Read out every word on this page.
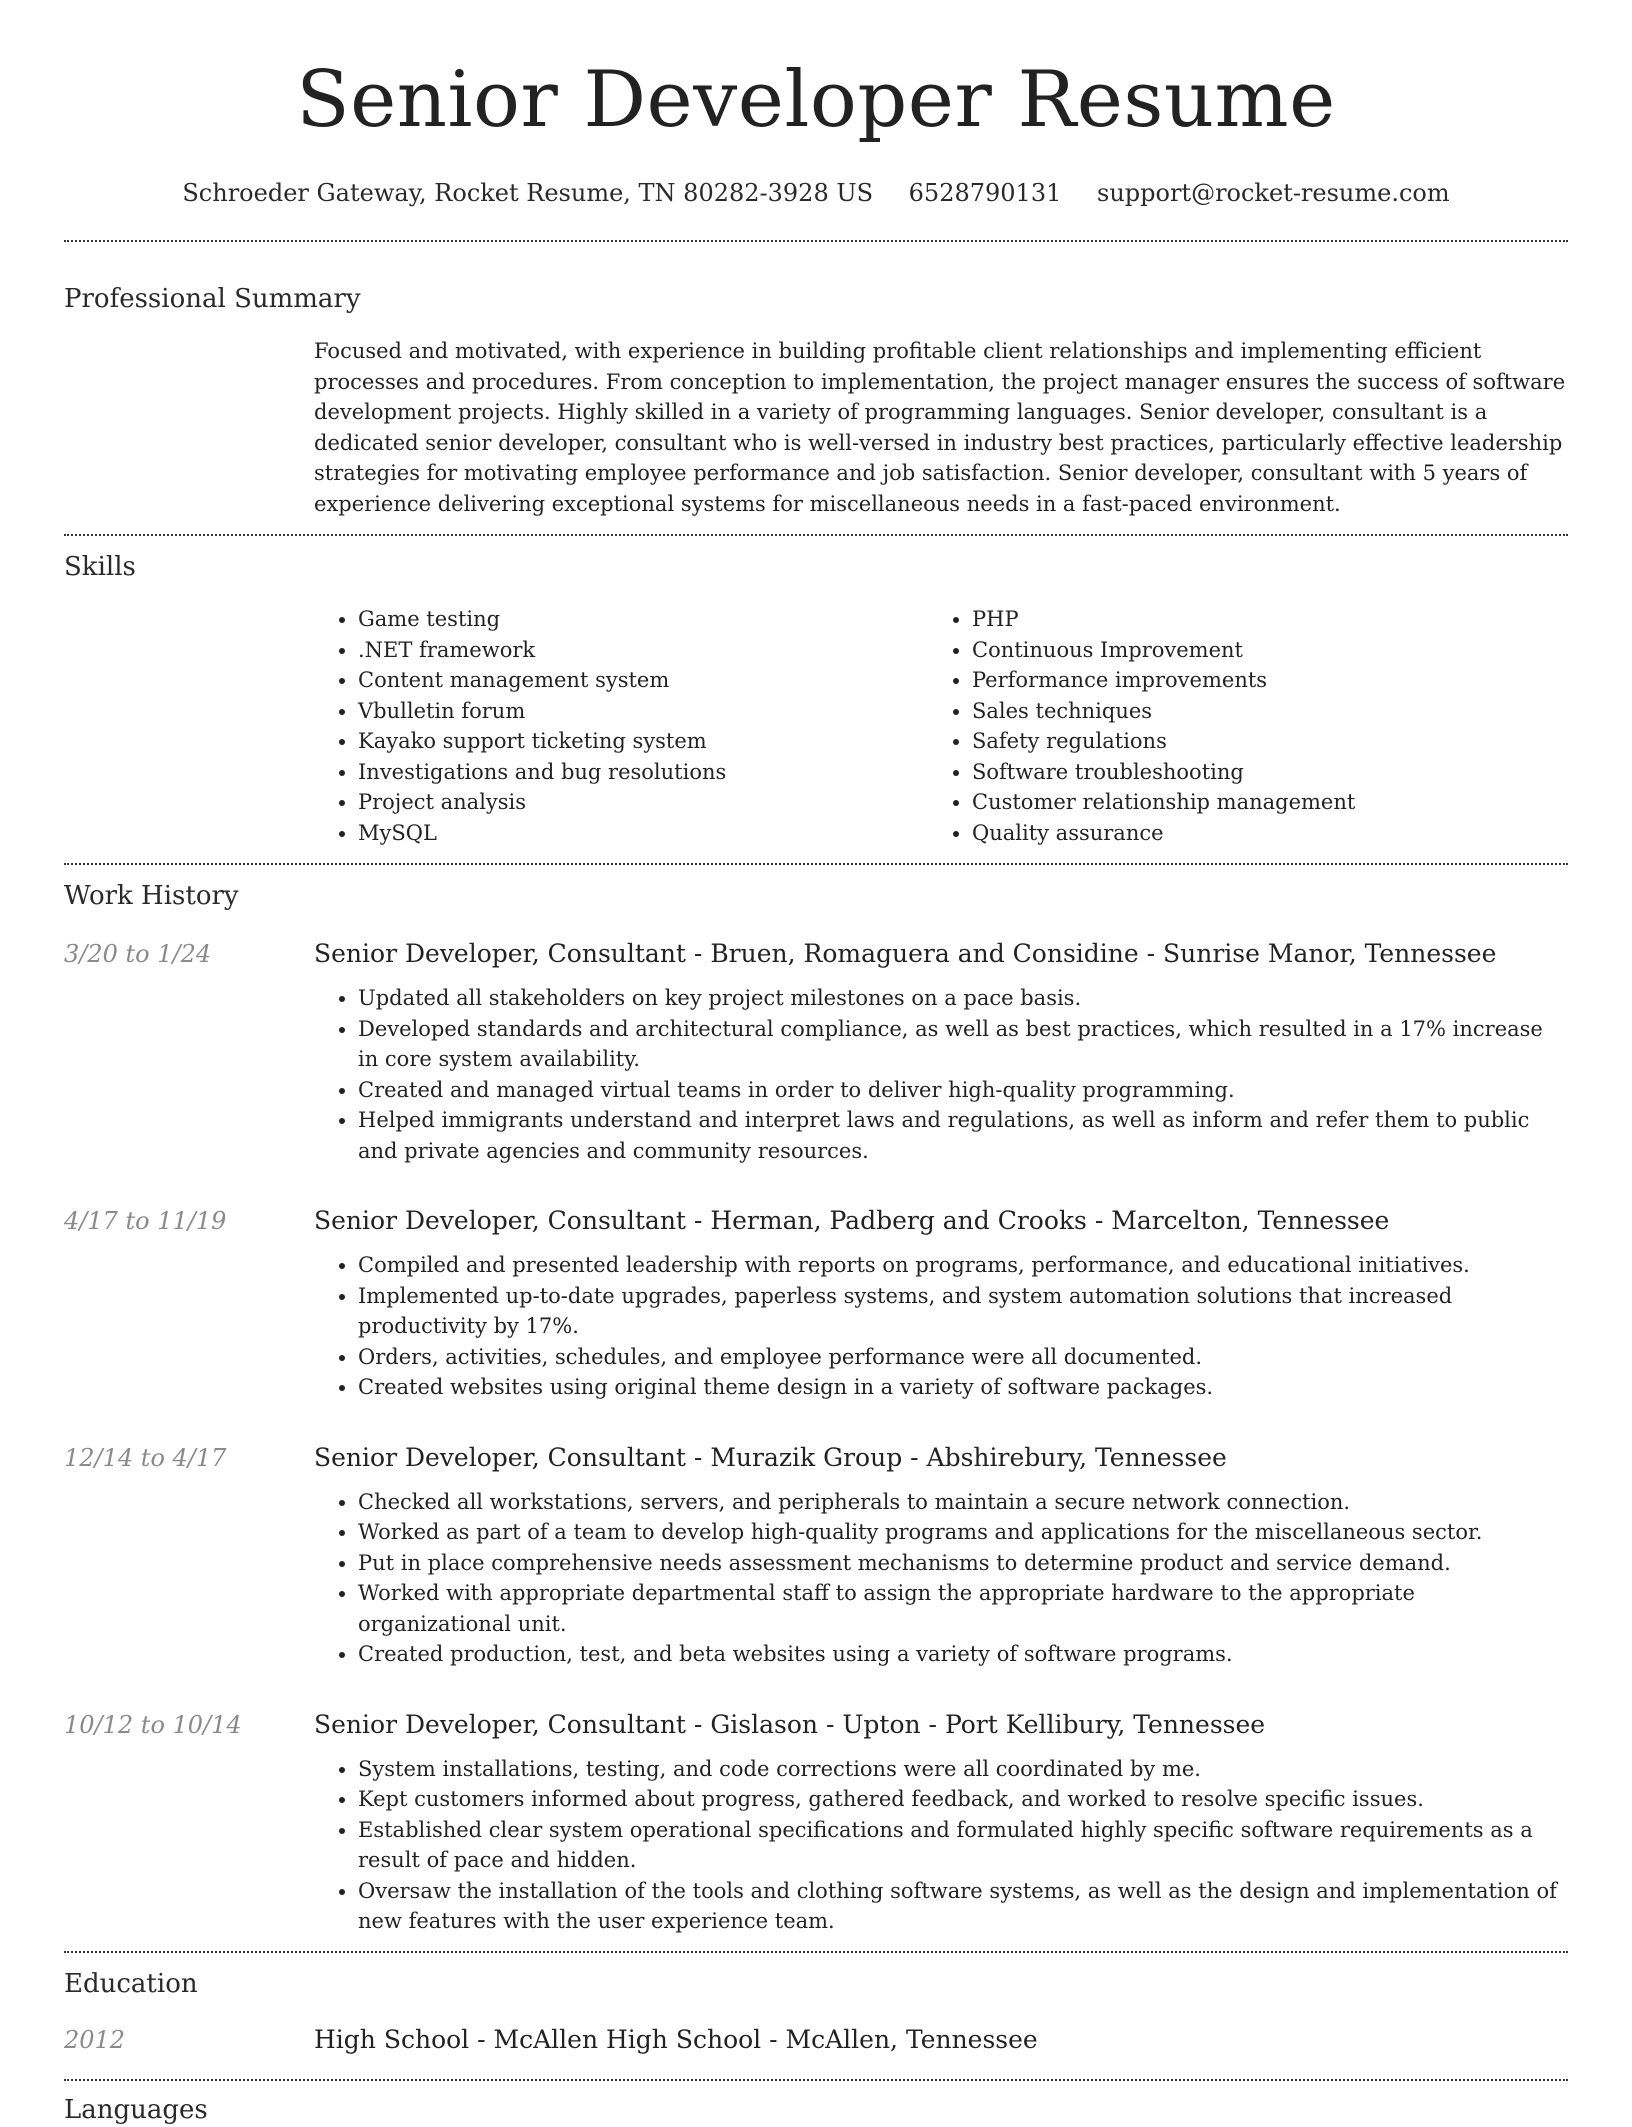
Senior Developer Resume
Schroeder Gateway, Rocket Resume, TN 80282-3928 US 6528790131 support@rocket-resume.com
Professional Summary
Focused and motivated, with experience in building profitable client relationships and implementing efficient processes and procedures. From conception to implementation, the project manager ensures the success of software development projects. Highly skilled in a variety of programming languages. Senior developer, consultant is a dedicated senior developer, consultant who is well-versed in industry best practices, particularly effective leadership strategies for motivating employee performance and job satisfaction. Senior developer, consultant with 5 years of experience delivering exceptional systems for miscellaneous needs in a fast-paced environment.
Skills
• Game testing
• .NET framework
• Content management system
• Vbulletin forum
• Kayako support ticketing system
• Investigations and bug resolutions
• Project analysis
• MySQL
• PHP
• Continuous Improvement
• Performance improvements
• Sales techniques
• Safety regulations
• Software troubleshooting
• Customer relationship management
• Quality assurance
Work History
3/20 to 1/24	Senior Developer, Consultant - Bruen, Romaguera and Considine - Sunrise Manor, Tennessee
• Updated all stakeholders on key project milestones on a pace basis.
• Developed standards and architectural compliance, as well as best practices, which resulted in a 17% increase in core system availability.
• Created and managed virtual teams in order to deliver high-quality programming.
• Helped immigrants understand and interpret laws and regulations, as well as inform and refer them to public and private agencies and community resources.
4/17 to 11/19	Senior Developer, Consultant - Herman, Padberg and Crooks - Marcelton, Tennessee
• Compiled and presented leadership with reports on programs, performance, and educational initiatives.
• Implemented up-to-date upgrades, paperless systems, and system automation solutions that increased productivity by 17%.
• Orders, activities, schedules, and employee performance were all documented.
• Created websites using original theme design in a variety of software packages.
12/14 to 4/17	Senior Developer, Consultant - Murazik Group - Abshirebury, Tennessee
• Checked all workstations, servers, and peripherals to maintain a secure network connection.
• Worked as part of a team to develop high-quality programs and applications for the miscellaneous sector.
• Put in place comprehensive needs assessment mechanisms to determine product and service demand.
• Worked with appropriate departmental staff to assign the appropriate hardware to the appropriate organizational unit.
• Created production, test, and beta websites using a variety of software programs.
10/12 to 10/14	Senior Developer, Consultant - Gislason - Upton - Port Kellibury, Tennessee
• System installations, testing, and code corrections were all coordinated by me.
• Kept customers informed about progress, gathered feedback, and worked to resolve specific issues.
• Established clear system operational specifications and formulated highly specific software requirements as a result of pace and hidden.
• Oversaw the installation of the tools and clothing software systems, as well as the design and implementation of new features with the user experience team.
Education
2012	High School - McAllen High School - McAllen, Tennessee
Languages
